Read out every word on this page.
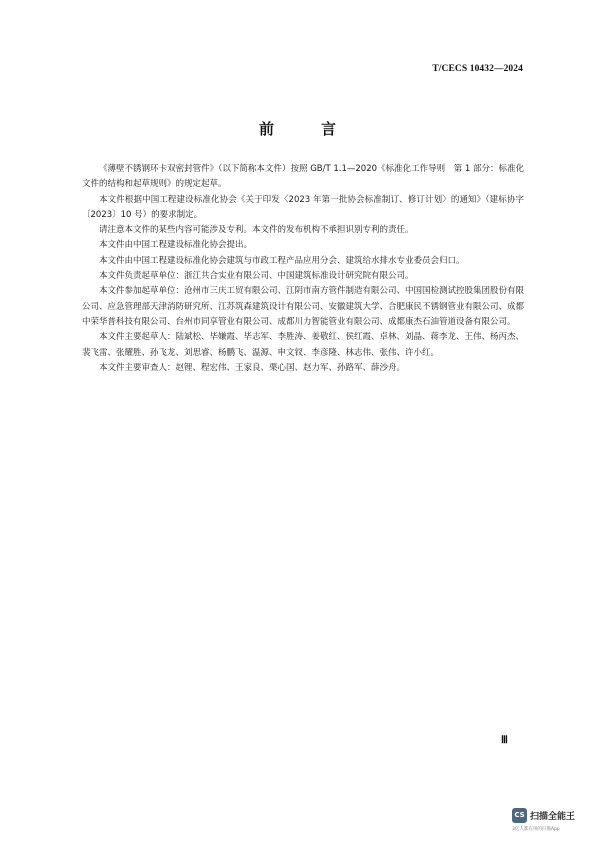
T/CECS 10432—2024
前　言

《薄壁不锈钢环卡双密封管件》（以下简称本文件）按照 GB/T 1.1—2020《标准化工作导则　第 1 部分：标准化文件的结构和起草规则》的规定起草。

本文件根据中国工程建设标准化协会《关于印发〈2023 年第一批协会标准制订、修订计划〉的通知》（建标协字〔2023〕10 号）的要求制定。

请注意本文件的某些内容可能涉及专利。本文件的发布机构不承担识别专利的责任。

本文件由中国工程建设标准化协会提出。

本文件由中国工程建设标准化协会建筑与市政工程产品应用分会、建筑给水排水专业委员会归口。

本文件负责起草单位：浙江共合实业有限公司、中国建筑标准设计研究院有限公司。

本文件参加起草单位：沧州市三庆工贸有限公司、江阴市南方管件制造有限公司、中国国检测试控股集团股份有限公司、应急管理部天津消防研究所、江苏筑森建筑设计有限公司、安徽建筑大学、合肥康民不锈钢管业有限公司、成都中荣华普科技有限公司、台州市同享管业有限公司、成都川力智能管业有限公司、成都康杰石油管道设备有限公司。

本文件主要起草人：陆斌松、毕嫌霞、毕志军、李胜涛、姜敬红、侯红霞、卓林、刘晶、蒋李龙、王伟、杨丙杰、裴飞雷、张耀胜、孙飞龙、刘思睿、杨鹏飞、温源、申文钗、李彦隆、林志伟、张伟、许小红。

本文件主要审查人：赵锂、程宏伟、王家良、栗心国、赵力军、孙路军、薛沙舟。

Ⅲ
CS 扫描全能王
3亿人都在用的扫描App
